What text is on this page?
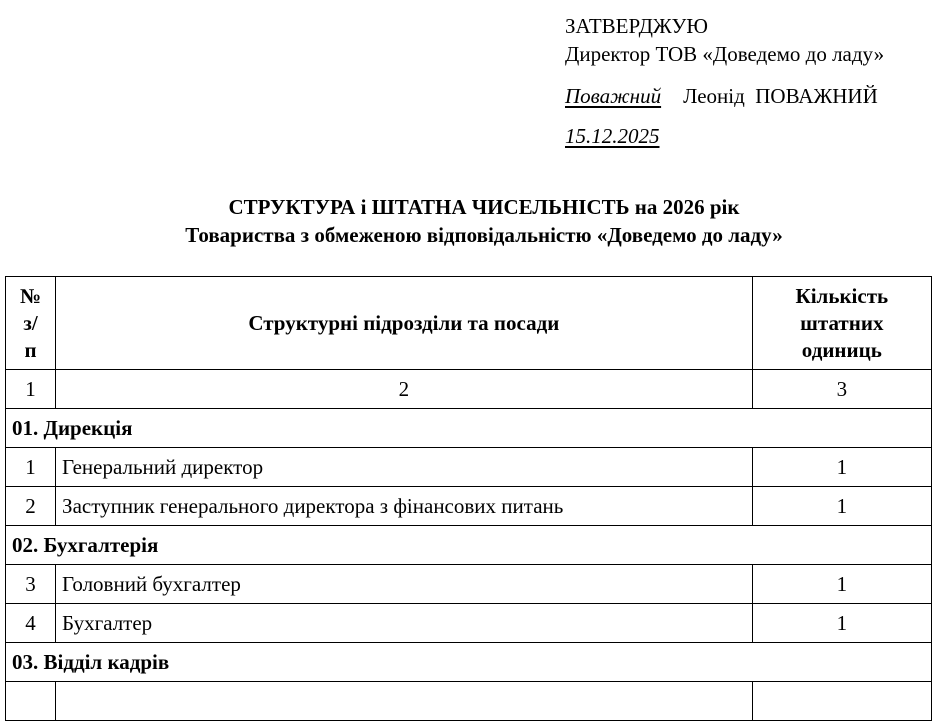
ЗАТВЕРДЖУЮ
Директор ТОВ «Доведемо до ладу»
Поважний Леонід  ПОВАЖНИЙ
15.12.2025
СТРУКТУРА і ШТАТНА ЧИСЕЛЬНІСТЬ на 2026 рік
Товариства з обмеженою відповідальністю «Доведемо до ладу»
№ з/п	Структурні підрозділи та посади	Кількість штатних одиниць
1	2	3
01. Дирекція		
1	Генеральний директор	1
2	Заступник генерального директора з фінансових питань	1
02. Бухгалтерія		
3	Головний бухгалтер	1
4	Бухгалтер	1
03. Відділ кадрів		
